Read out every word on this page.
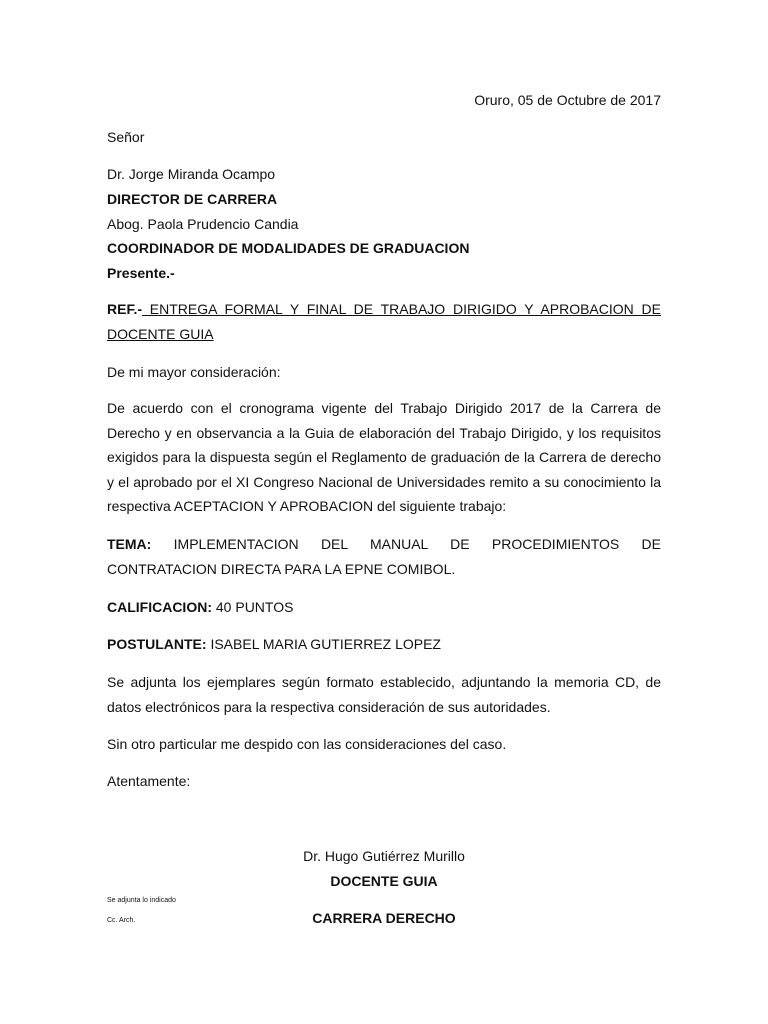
Oruro, 05 de Octubre de 2017
Señor
Dr. Jorge Miranda Ocampo
DIRECTOR DE CARRERA
Abog. Paola Prudencio Candia
COORDINADOR DE MODALIDADES DE GRADUACION
Presente.-
REF.- ENTREGA FORMAL Y FINAL DE TRABAJO DIRIGIDO Y APROBACION DE DOCENTE GUIA
De mi mayor consideración:
De acuerdo con el cronograma vigente del Trabajo Dirigido 2017 de la Carrera de Derecho y en observancia a la Guia de elaboración del Trabajo Dirigido, y los requisitos exigidos para la dispuesta según el Reglamento de graduación de la Carrera de derecho y el aprobado por el XI Congreso Nacional de Universidades remito a su conocimiento la respectiva ACEPTACION Y APROBACION del siguiente trabajo:
TEMA: IMPLEMENTACION DEL MANUAL DE PROCEDIMIENTOS DE CONTRATACION DIRECTA PARA LA EPNE COMIBOL.
CALIFICACION: 40 PUNTOS
POSTULANTE: ISABEL MARIA GUTIERREZ LOPEZ
Se adjunta los ejemplares según formato establecido, adjuntando la memoria CD, de datos electrónicos para la respectiva consideración de sus autoridades.
Sin otro particular me despido con las consideraciones del caso.
Atentamente:
Dr. Hugo Gutiérrez Murillo
DOCENTE GUIA
Se adjunta lo indicado
Cc. Arch.	CARRERA DERECHO
